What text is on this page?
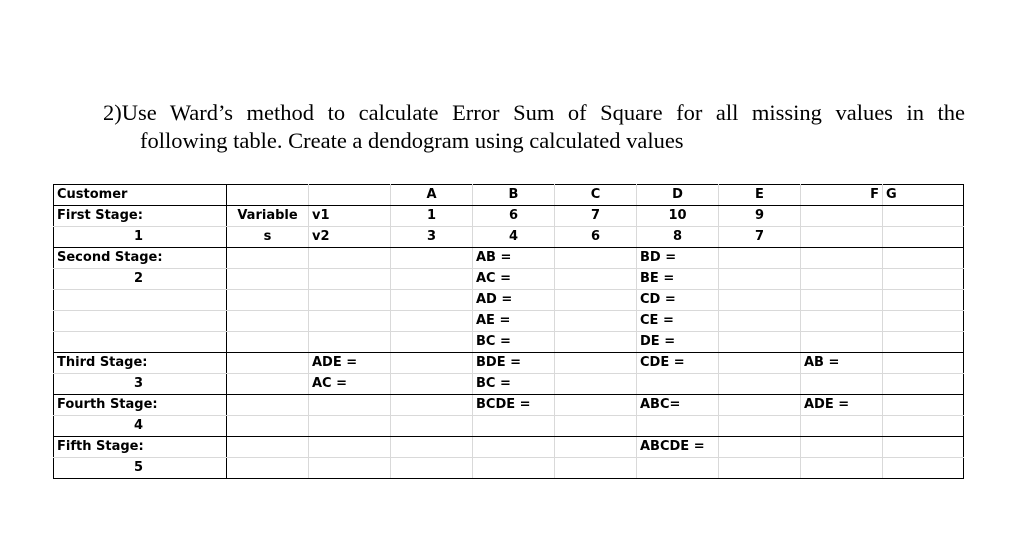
2)Use Ward’s method to calculate Error Sum of Square for all missing values in the
following table. Create a dendogram using calculated values
Customer			A	B	C	D	E	F	G
First Stage:	Variable	v1	1	6	7	10	9		
1	s	v2	3	4	6	8	7		
Second Stage:				AB =		BD =			
2				AC =		BE =			
				AD =		CD =			
				AE =		CE =			
				BC =		DE =			
Third Stage:		ADE =		BDE =		CDE =		AB =	
3		AC =		BC =					
Fourth Stage:				BCDE =		ABC=		ADE =	
4									
Fifth Stage:						ABCDE =			
5									
